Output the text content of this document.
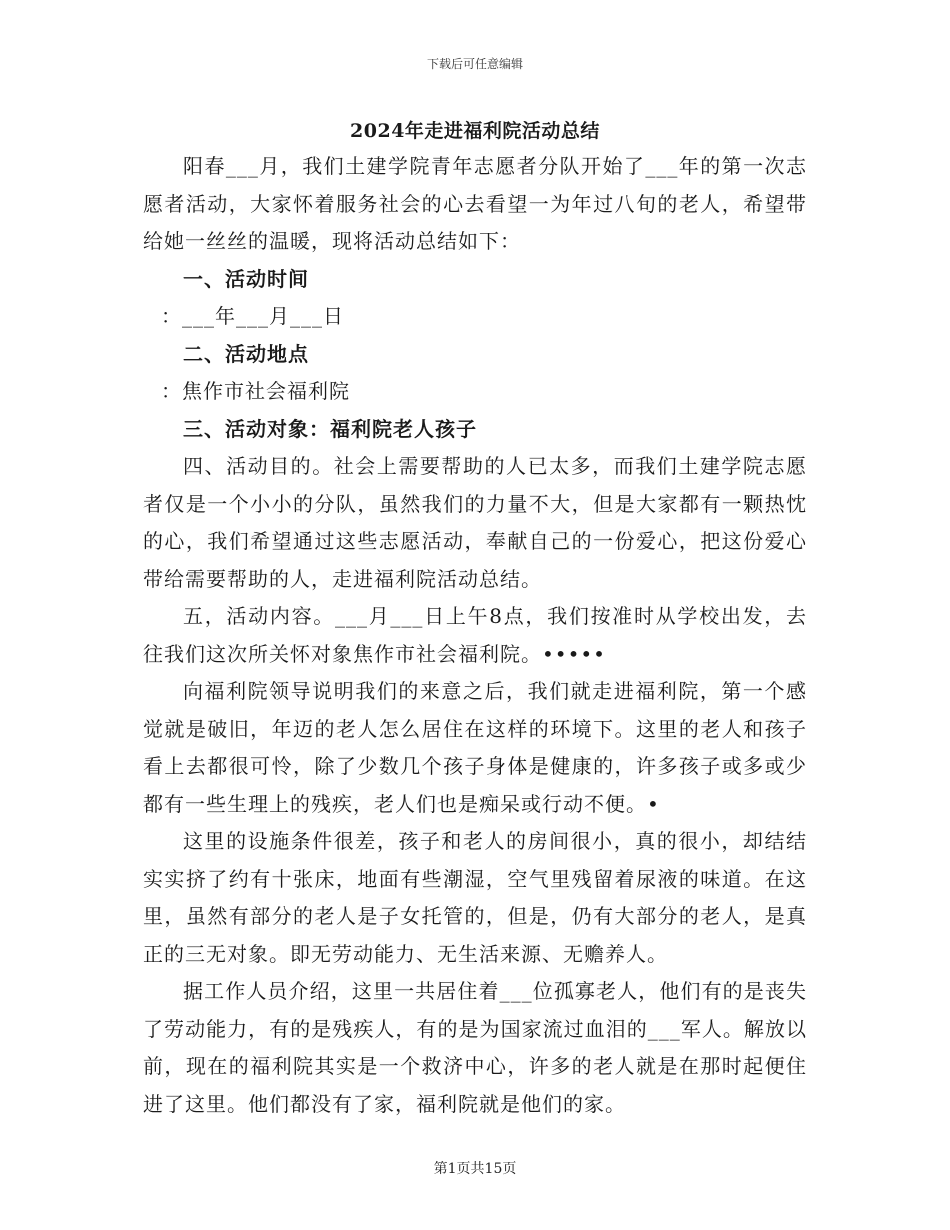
下载后可任意编辑
2024年走进福利院活动总结

阳春___月，我们土建学院青年志愿者分队开始了___年的第一次志愿者活动，大家怀着服务社会的心去看望一为年过八旬的老人，希望带给她一丝丝的温暖，现将活动总结如下：

一、活动时间

：___年___月___日

二、活动地点

：焦作市社会福利院

三、活动对象：福利院老人孩子

四、活动目的。社会上需要帮助的人已太多，而我们土建学院志愿者仅是一个小小的分队，虽然我们的力量不大，但是大家都有一颗热忱的心，我们希望通过这些志愿活动，奉献自己的一份爱心，把这份爱心带给需要帮助的人，走进福利院活动总结。

五，活动内容。___月___日上午8点，我们按准时从学校出发，去往我们这次所关怀对象焦作市社会福利院。•••••

向福利院领导说明我们的来意之后，我们就走进福利院，第一个感觉就是破旧，年迈的老人怎么居住在这样的环境下。这里的老人和孩子看上去都很可怜，除了少数几个孩子身体是健康的，许多孩子或多或少都有一些生理上的残疾，老人们也是痴呆或行动不便。•

这里的设施条件很差，孩子和老人的房间很小，真的很小，却结结实实挤了约有十张床，地面有些潮湿，空气里残留着尿液的味道。在这里，虽然有部分的老人是子女托管的，但是，仍有大部分的老人，是真正的三无对象。即无劳动能力、无生活来源、无赡养人。

据工作人员介绍，这里一共居住着___位孤寡老人，他们有的是丧失了劳动能力，有的是残疾人，有的是为国家流过血泪的___军人。解放以前，现在的福利院其实是一个救济中心，许多的老人就是在那时起便住进了这里。他们都没有了家，福利院就是他们的家。

第1页共15页
